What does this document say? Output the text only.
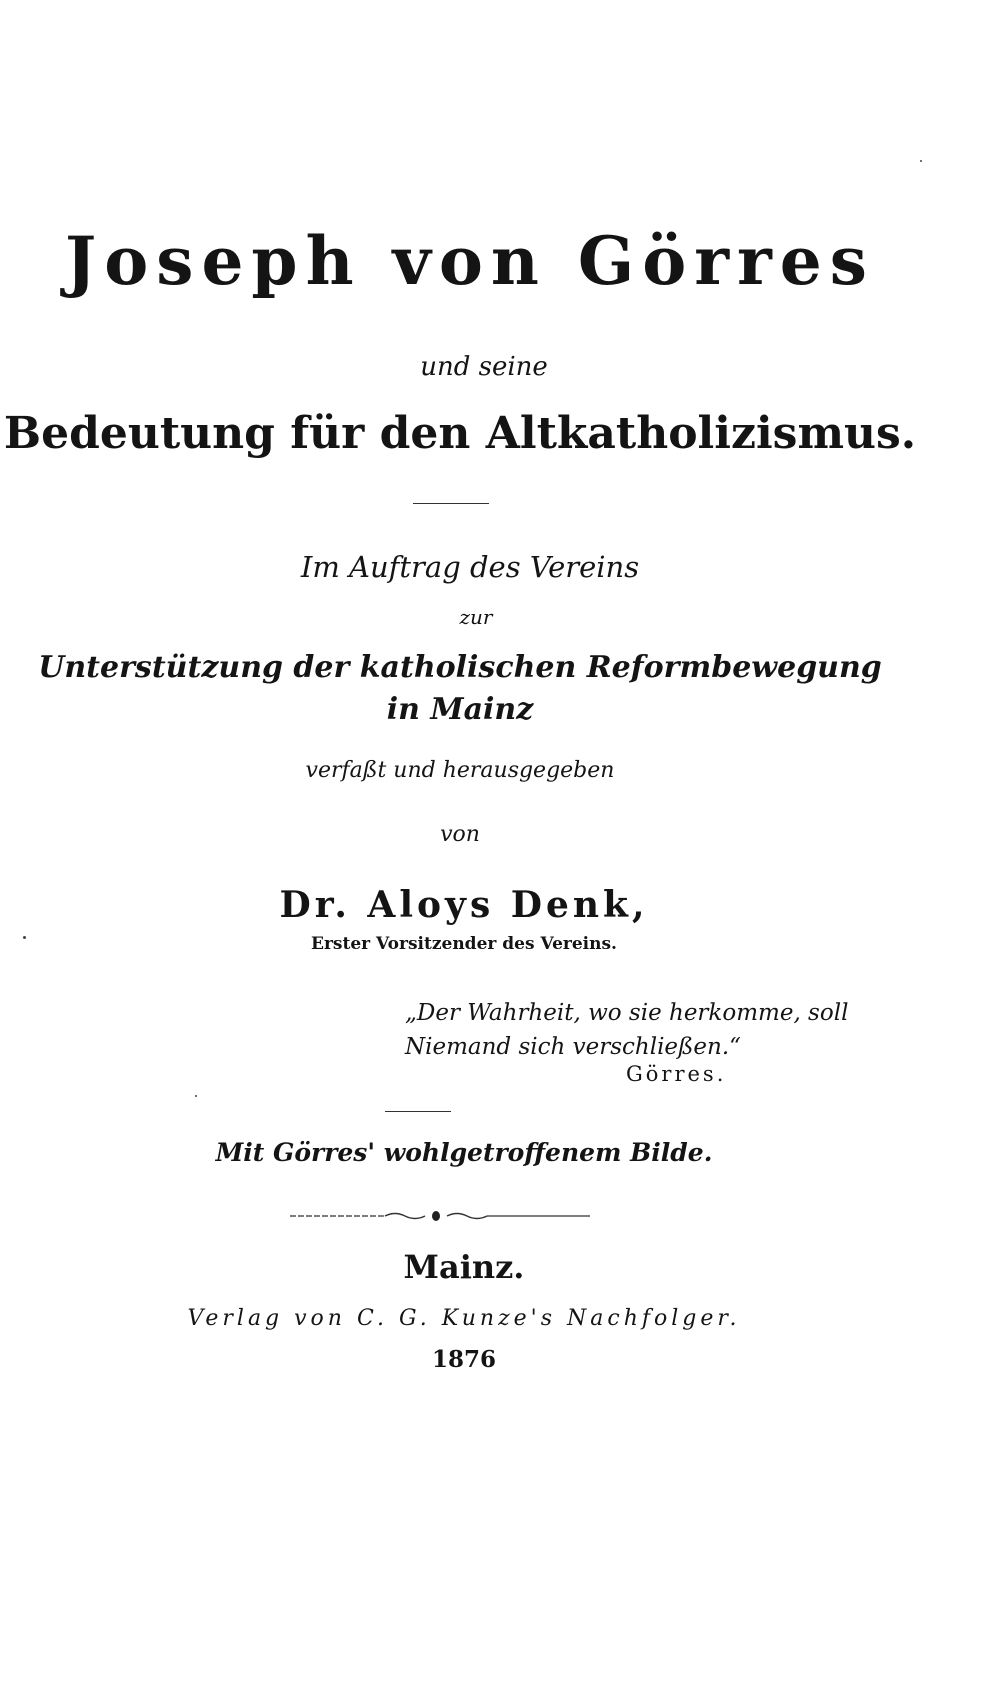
Joseph von Görres
und seine
Bedeutung für den Altkatholizismus.
Im Auftrag des Vereins
zur
Unterstützung der katholischen Reformbewegung
in Mainz
verfaßt und herausgegeben
von
Dr. Aloys Denk,
Erster Vorsitzender des Vereins.
„Der Wahrheit, wo sie herkomme, soll
Niemand sich verschließen.“
Görres.
Mit Görres' wohlgetroffenem Bilde.
Mainz.
Verlag von C. G. Kunze's Nachfolger.
1876
